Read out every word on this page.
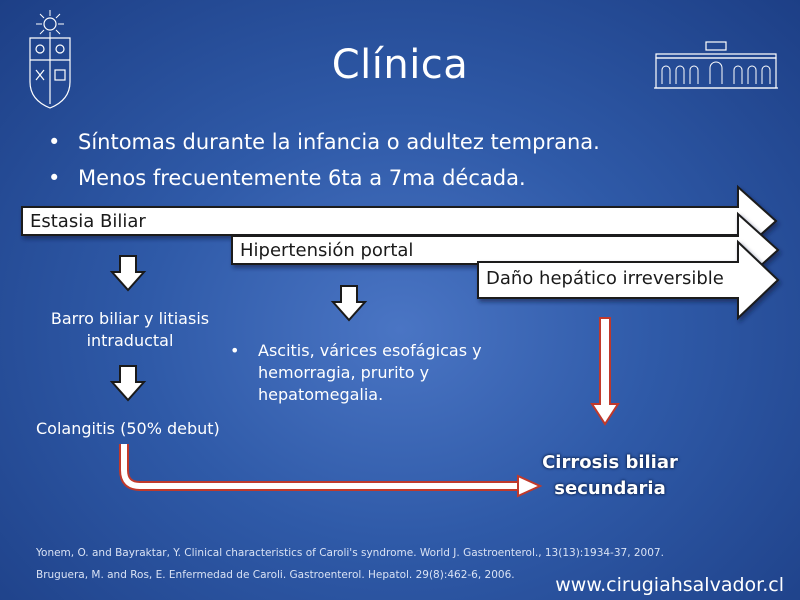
Clínica
• Síntomas durante la infancia o adultez temprana.
• Menos frecuentemente 6ta a 7ma década.
Estasia Biliar
Hipertensión portal
Daño hepático irreversible
Barro biliar y litiasis intraductal
Colangitis (50% debut)
• Ascitis, várices esofágicas y hemorragia, prurito y hepatomegalia.
Cirrosis biliar secundaria
Yonem, O. and Bayraktar, Y. Clinical characteristics of Caroli's syndrome. World J. Gastroenterol., 13(13):1934-37, 2007.
Bruguera, M. and Ros, E. Enfermedad de Caroli. Gastroenterol. Hepatol. 29(8):462-6, 2006. www.cirugiahsalvador.cl
